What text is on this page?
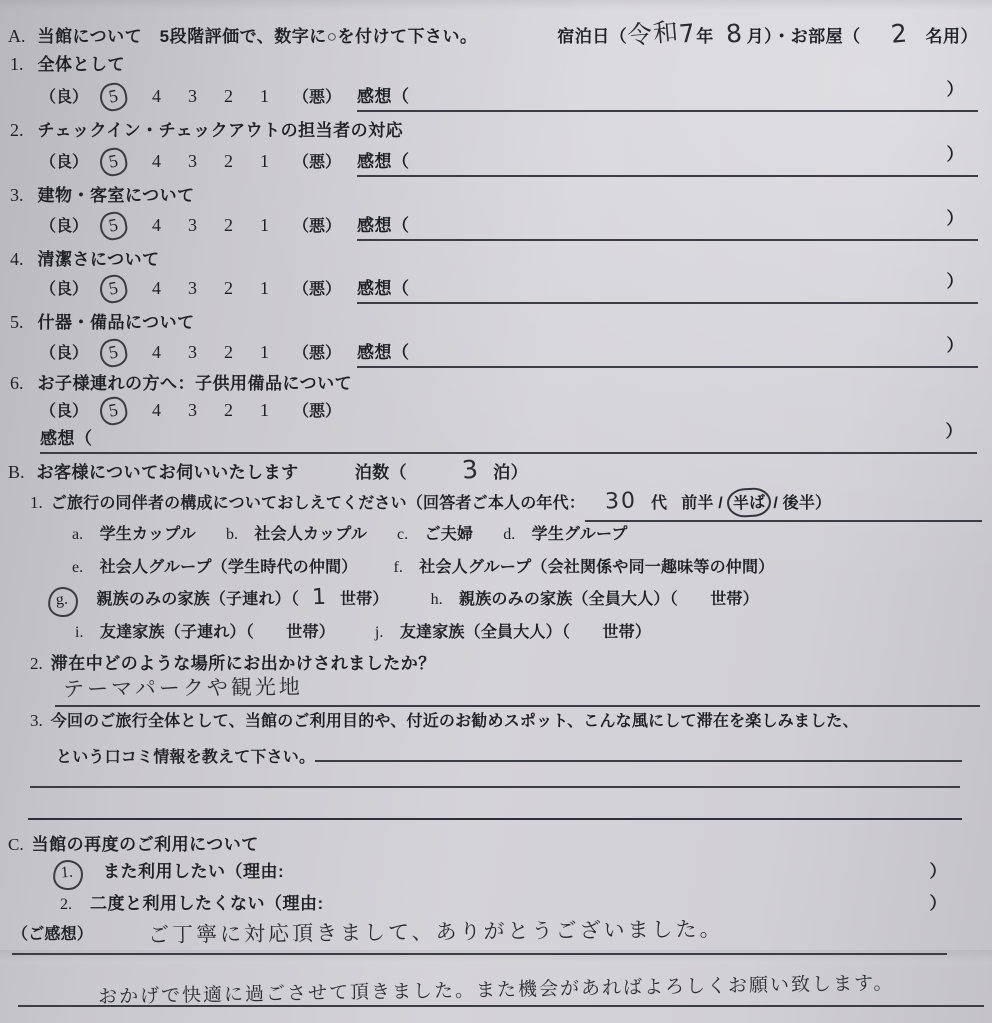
A. 当館について　5段階評価で、数字に○を付けて下さい。	宿泊日（
令和
7
年 8 月）・お部屋（ 2 名用）
1. 全体として
（良）	5	4 3 2 1 （悪） 感想（	）
2. チェックイン・チェックアウトの担当者の対応
（良）	5	4 3 2 1 （悪） 感想（	）
3. 建物・客室について
（良）	5	4 3 2 1 （悪） 感想（	）
4. 清潔さについて
（良）	5	4 3 2 1 （悪） 感想（	）
5. 什器・備品について
（良）	5	4 3 2 1 （悪） 感想（	）
6. お子様連れの方へ：子供用備品について
（良）	5	4 3 2 1 （悪）
感想（	）
B. お客様についてお伺いいたします	泊数（ 3 泊）
1. ご旅行の同伴者の構成についておしえてください（回答者ご本人の年代： 30 代 前半 / 半ば / 後半）
a. 学生カップル b. 社会人カップル c. ご夫婦 d. 学生グループ
e. 社会人グループ（学生時代の仲間） f. 社会人グループ（会社関係や同一趣味等の仲間）
g. 親族のみの家族（子連れ）（ 1 世帯）	h. 親族のみの家族（全員大人）（　　世帯）
i. 友達家族（子連れ）（　　世帯）	j. 友達家族（全員大人）（　　世帯）
2. 滞在中どのような場所にお出かけされましたか？
テーマパークや観光地
3. 今回のご旅行全体として、当館のご利用目的や、付近のお勧めスポット、こんな風にして滞在を楽しみました、
という口コミ情報を教えて下さい。
C. 当館の再度のご利用について
1.	また利用したい（理由:	）
2. 二度と利用したくない（理由:	）
（ご感想）	ご丁寧に対応頂きまして、ありがとうございました。
おかげで快適に過ごさせて頂きました。また機会があればよろしくお願い致します。
